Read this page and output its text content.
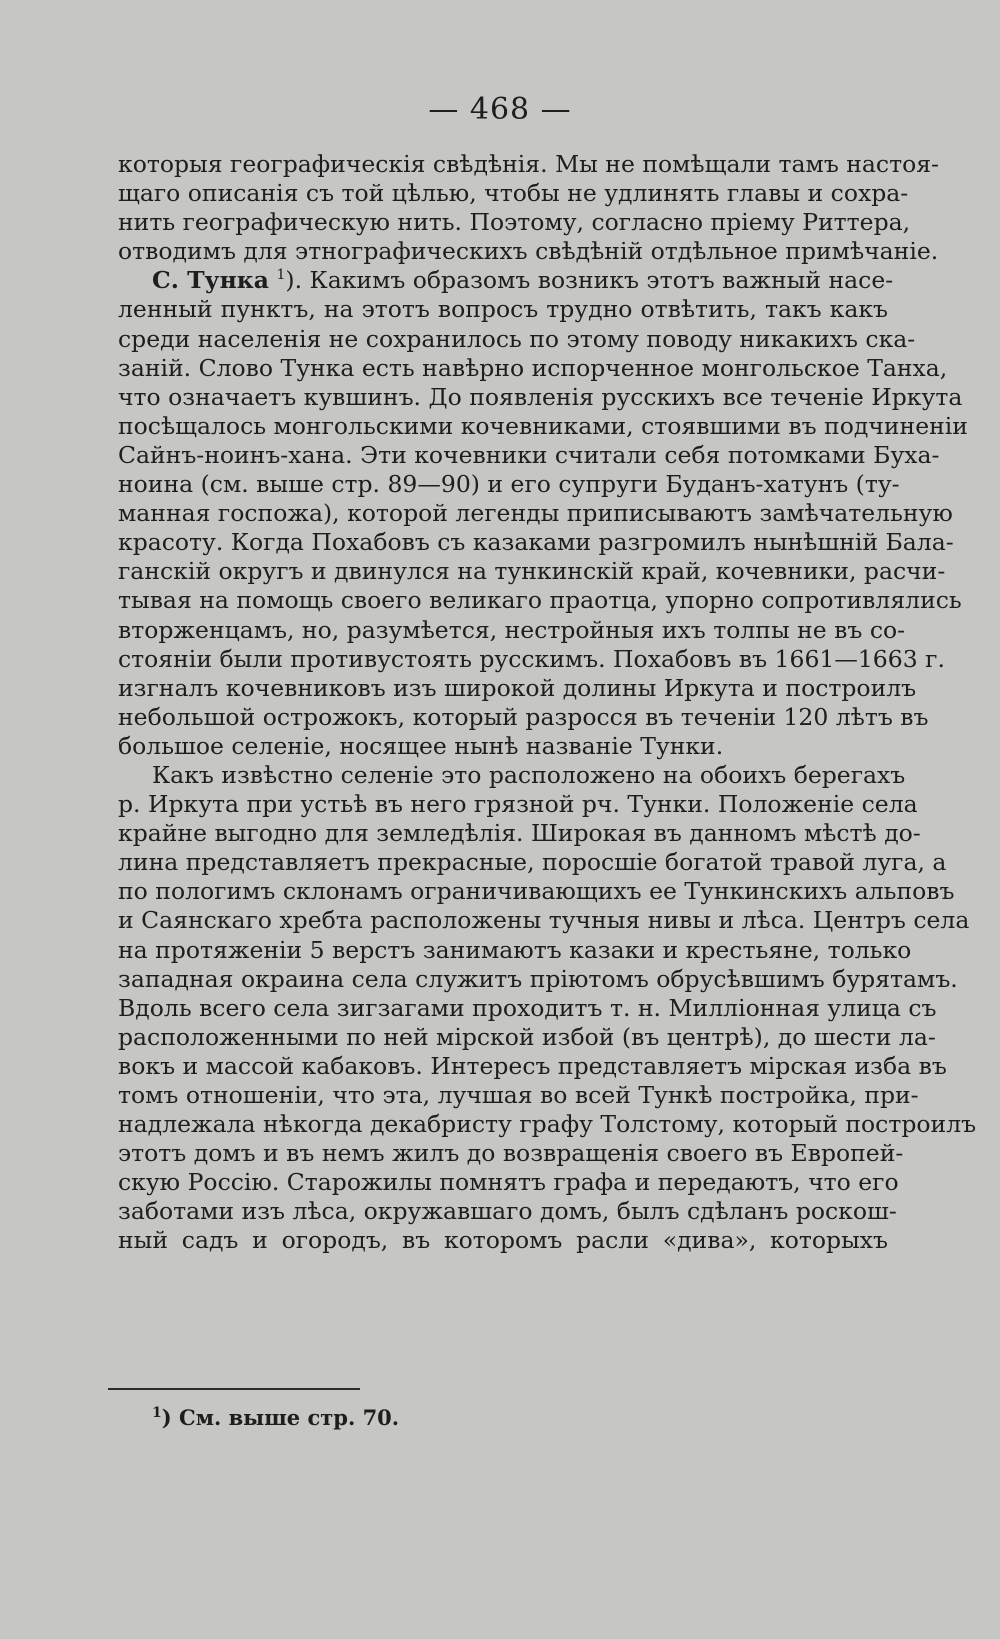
— 468 —
которыя географическія свѣдѣнія. Мы не помѣщали тамъ настоя-
щаго описанія съ той цѣлью, чтобы не удлинять главы и сохра-
нить географическую нить. Поэтому, согласно пріему Риттера,
отводимъ для этнографическихъ свѣдѣній отдѣльное примѣчаніе.
С. Тунка $^1$). Какимъ образомъ возникъ этотъ важный насе-
ленный пунктъ, на этотъ вопросъ трудно отвѣтить, такъ какъ
среди населенія не сохранилось по этому поводу никакихъ ска-
заній. Слово Тунка есть навѣрно испорченное монгольское Танха,
что означаетъ кувшинъ. До появленія русскихъ все теченіе Иркута
посѣщалось монгольскими кочевниками, стоявшими въ подчиненіи
Сайнъ-ноинъ-хана. Эти кочевники считали себя потомками Буха-
ноина (см. выше стр. 89—90) и его супруги Буданъ-хатунъ (ту-
манная госпожа), которой легенды приписываютъ замѣчательную
красоту. Когда Похабовъ съ казаками разгромилъ нынѣшній Бала-
ганскій округъ и двинулся на тункинскій край, кочевники, расчи-
тывая на помощь своего великаго праотца, упорно сопротивлялись
вторженцамъ, но, разумѣется, нестройныя ихъ толпы не въ со-
стояніи были противустоять русскимъ. Похабовъ въ 1661—1663 г.
изгналъ кочевниковъ изъ широкой долины Иркута и построилъ
небольшой острожокъ, который разросся въ теченіи 120 лѣтъ въ
большое селеніе, носящее нынѣ названіе Тунки.
Какъ извѣстно селеніе это расположено на обоихъ берегахъ
р. Иркута при устьѣ въ него грязной рч. Тунки. Положеніе села
крайне выгодно для земледѣлія. Широкая въ данномъ мѣстѣ до-
лина представляетъ прекрасные, поросшіе богатой травой луга, а
по пологимъ склонамъ ограничивающихъ ее Тункинскихъ альповъ
и Саянскаго хребта расположены тучныя нивы и лѣса. Центръ села
на протяженіи 5 верстъ занимаютъ казаки и крестьяне, только
западная окраина села служитъ пріютомъ обрусѣвшимъ бурятамъ.
Вдоль всего села зигзагами проходитъ т. н. Милліонная улица съ
расположенными по ней мірской избой (въ центрѣ), до шести ла-
вокъ и массой кабаковъ. Интересъ представляетъ мірская изба въ
томъ отношеніи, что эта, лучшая во всей Тункѣ постройка, при-
надлежала нѣкогда декабристу графу Толстому, который построилъ
этотъ домъ и въ немъ жилъ до возвращенія своего въ Европей-
скую Россію. Старожилы помнятъ графа и передаютъ, что его
заботами изъ лѣса, окружавшаго домъ, былъ сдѣланъ роскош-
ный садъ и огородъ, въ которомъ расли «дива», которыхъ
$^1$) См. выше стр. 70.
